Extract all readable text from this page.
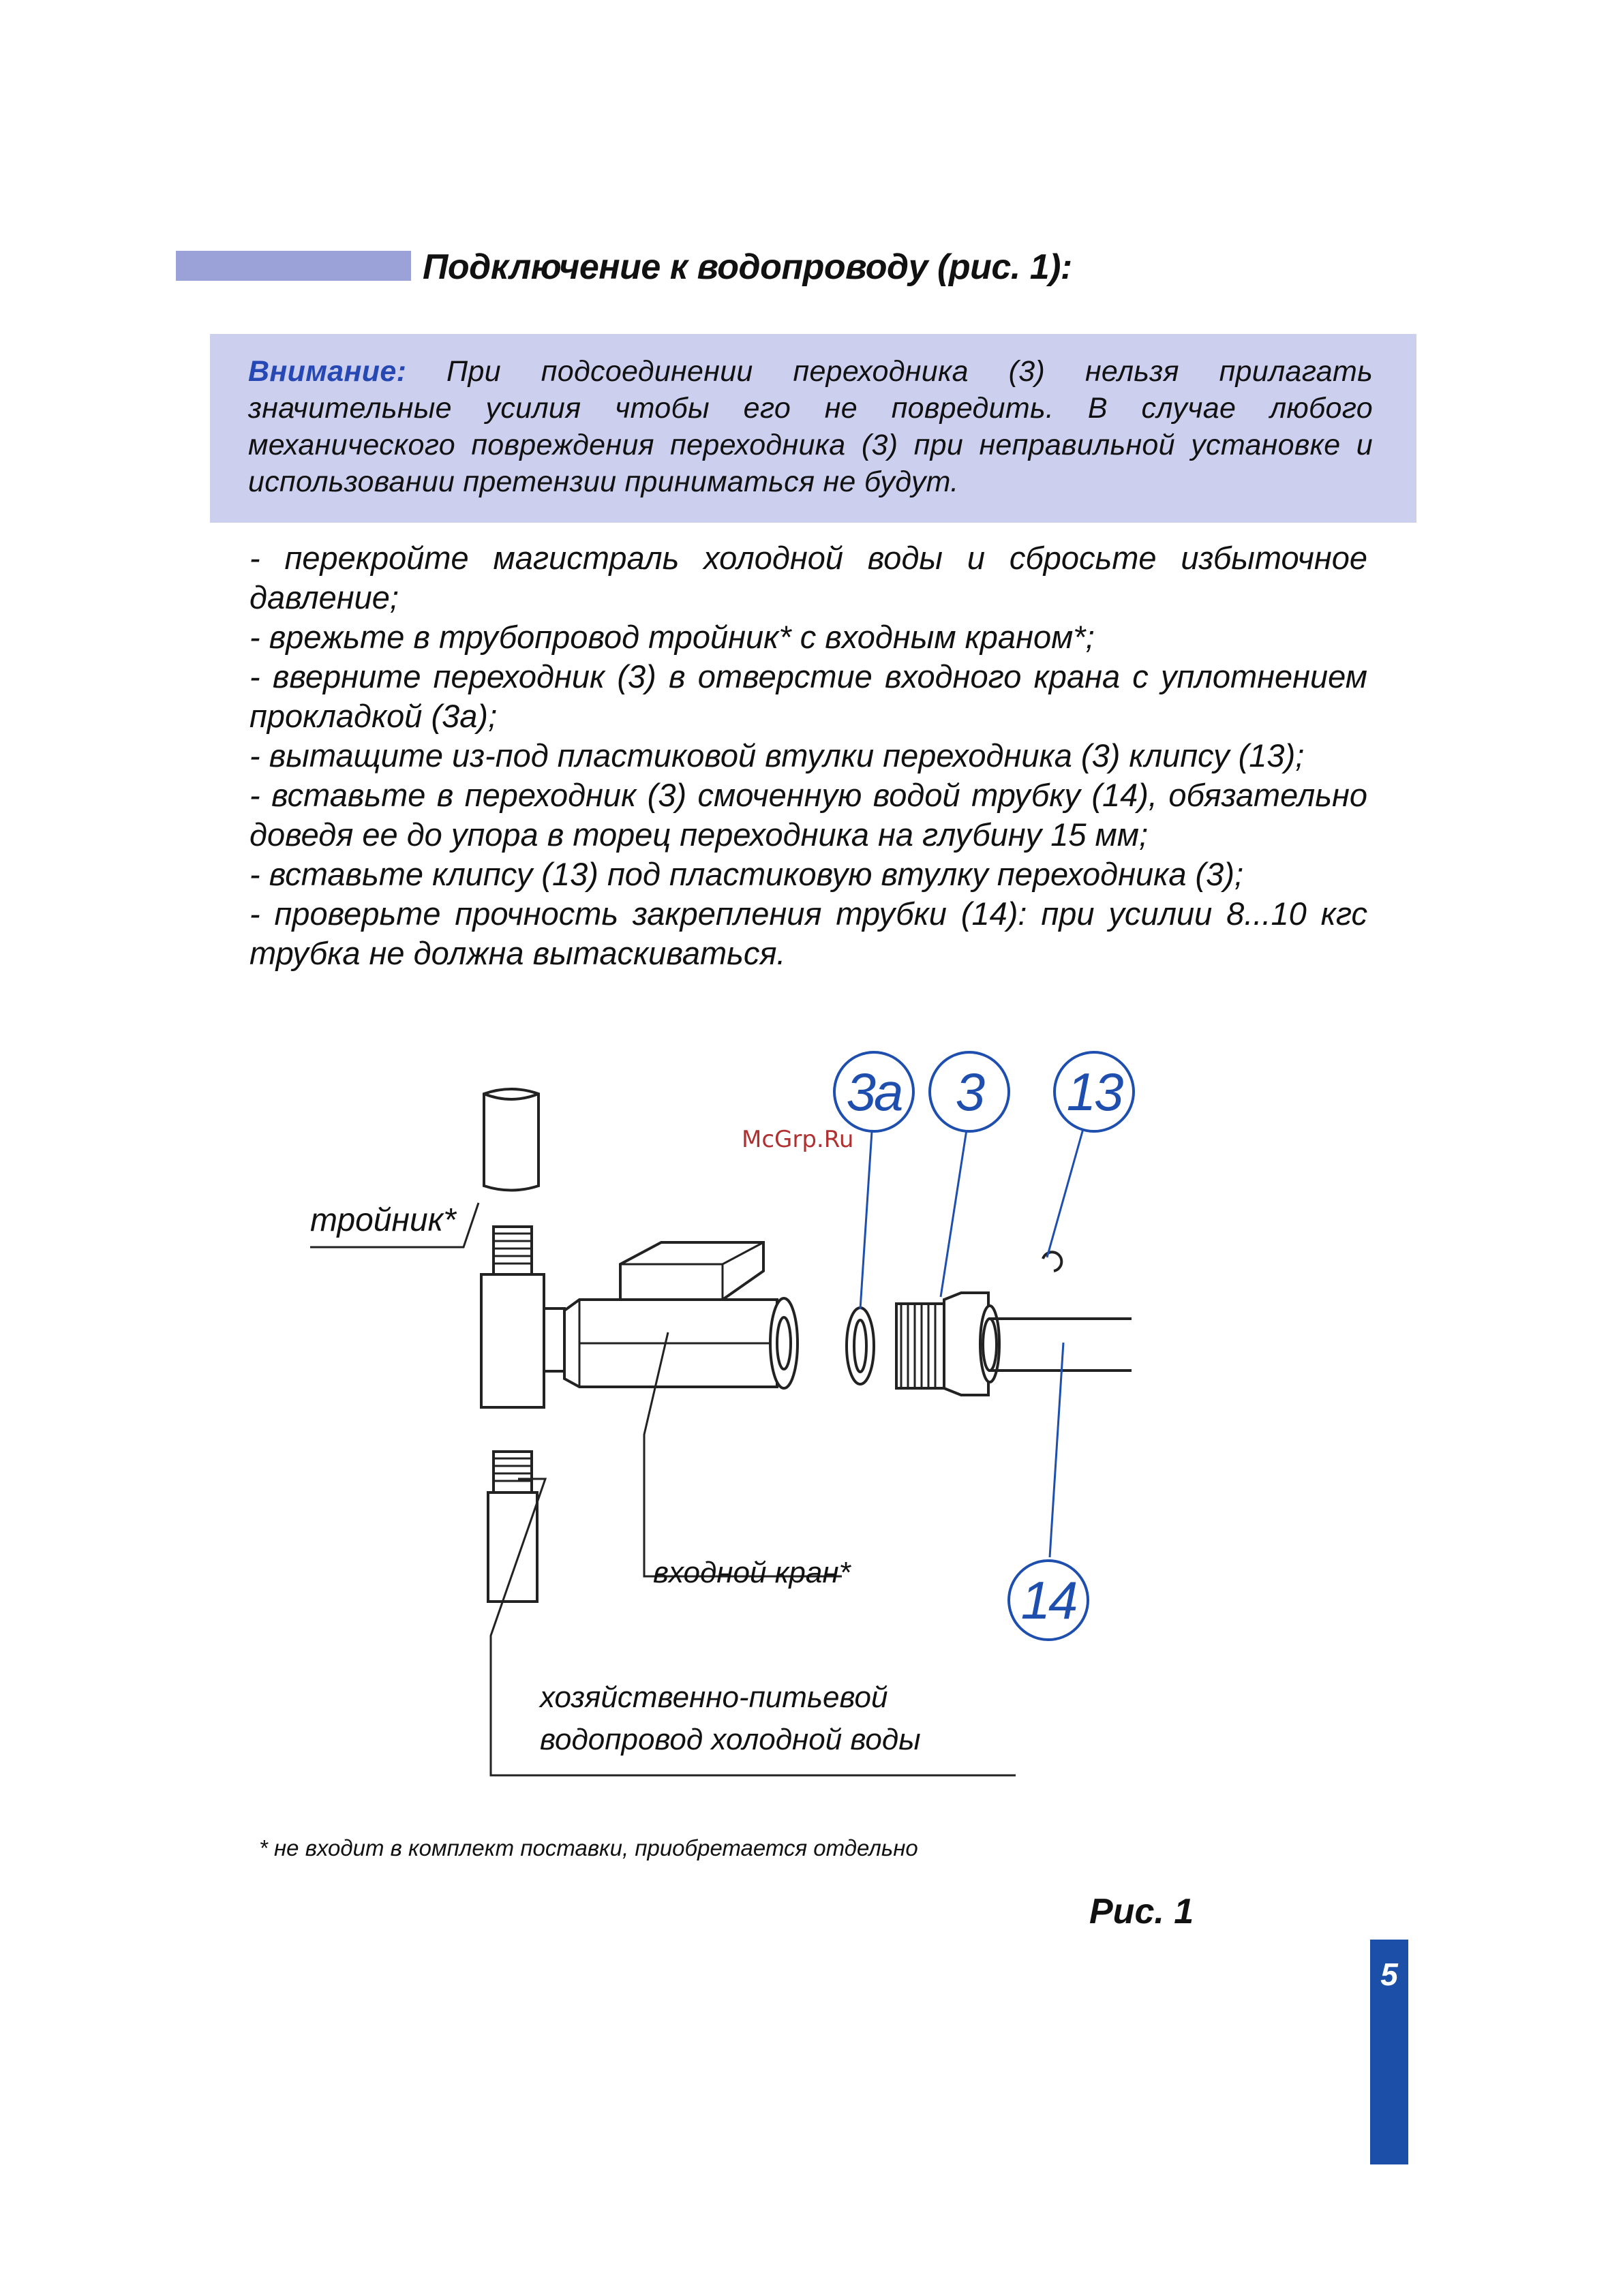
Подключение к водопроводу (рис. 1):
Внимание: При подсоединении переходника (3) нельзя прилагать значительные усилия чтобы его не повредить. В случае любого механического повреждения переходника (3) при неправильной установке и использовании претензии приниматься не будут.
- перекройте магистраль холодной воды и сбросьте избыточное давление;
- врежьте в трубопровод тройник* с входным краном*;
- вверните переходник (3) в отверстие входного крана с уплотнением прокладкой (3а);
- вытащите из-под пластиковой втулки переходника (3) клипсу (13);
- вставьте в переходник (3) смоченную водой трубку (14), обязательно доведя ее до упора в торец переходника на глубину 15 мм;
- вставьте клипсу (13) под пластиковую втулку переходника (3);
- проверьте прочность закрепления трубки (14): при усилии 8...10 кгс трубка не должна вытаскиваться.
тройник*
входной кран*
хозяйственно-питьевой
водопровод холодной воды
3а	3	13
14
McGrp.Ru
* не входит в комплект поставки, приобретается отдельно
Рис. 1
5
